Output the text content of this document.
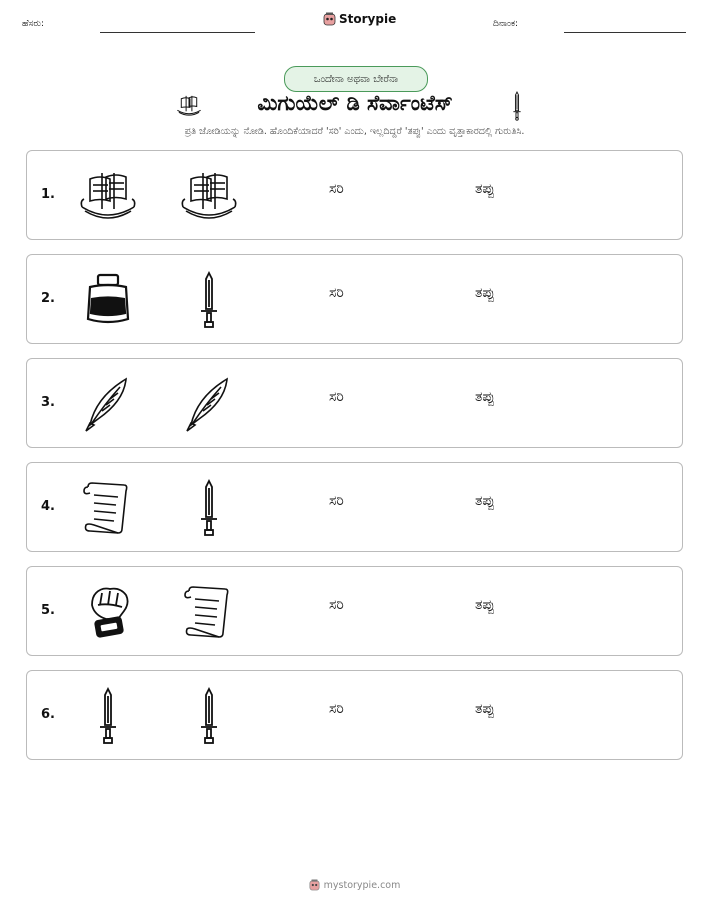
ಹೆಸರು:	Storypie	ದಿನಾಂಕ:
ಒಂದೇನಾ ಅಥವಾ ಬೇರೆನಾ
ಮಿಗುಯೆಲ್ ಡಿ ಸೆರ್ವಾಂಟೆಸ್
ಪ್ರತಿ ಜೋಡಿಯನ್ನು ನೋಡಿ. ಹೊಂದಿಕೆಯಾದರೆ 'ಸರಿ' ಎಂದು, ಇಲ್ಲದಿದ್ದರೆ 'ತಪ್ಪು' ಎಂದು ವೃತ್ತಾಕಾರದಲ್ಲಿ ಗುರುತಿಸಿ.
1.	ಸರಿ	ತಪ್ಪು
2.	ಸರಿ	ತಪ್ಪು
3.	ಸರಿ	ತಪ್ಪು
4.	ಸರಿ	ತಪ್ಪು
5.	ಸರಿ	ತಪ್ಪು
6.	ಸರಿ	ತಪ್ಪು
mystorypie.com
